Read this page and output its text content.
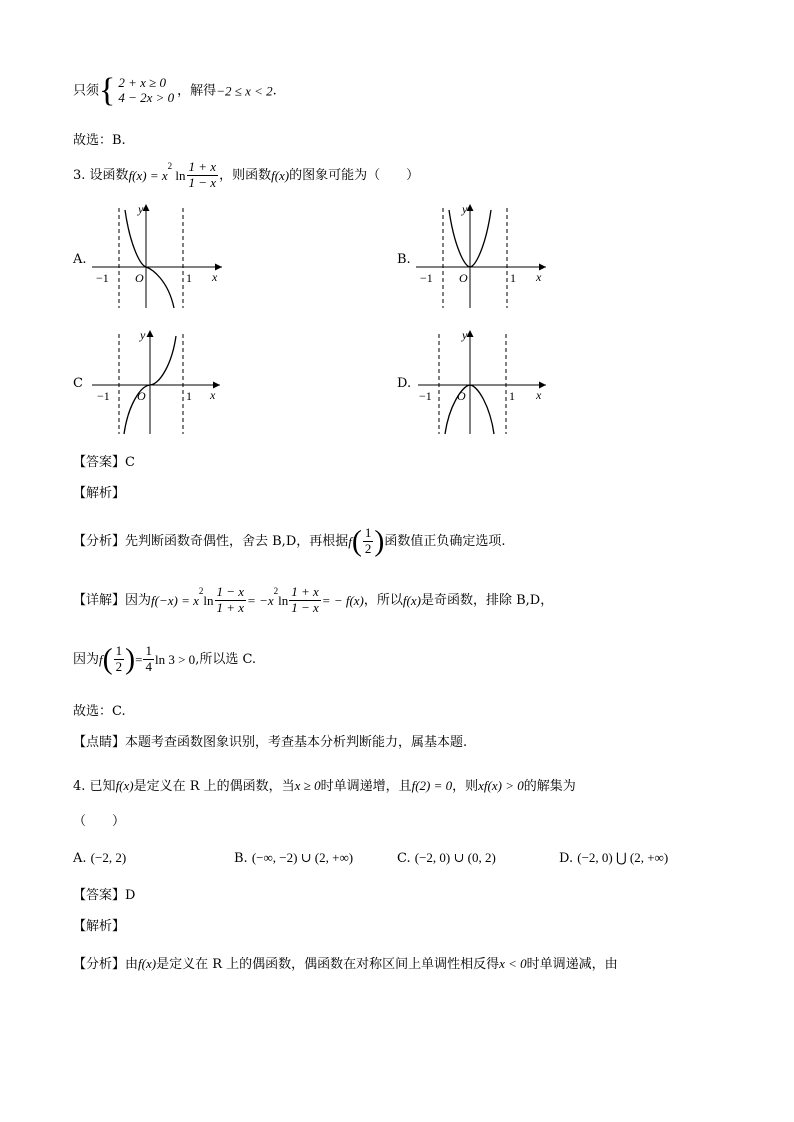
只须{ 2 + x ≥ 0
4 − 2x > 0 ，解得−2 ≤ x < 2.
故选：B.
3. 设函数$f(x) = x^2$ $\ln \frac{1 + x}{1 - x}$ ，则函数f(x)的图象可能为（　　）
A.
y
x
O
−1	1
B.
y
x
O
−1	1
C
y
x
O
−1	1
D.
y
x
O
−1	1
【答案】C
【解析】
【分析】先判断函数奇偶性，舍去 B,D，再根据$f( \frac{1}{2}$ )函数值正负确定选项.
【详解】因为$f(-x) = x^2\ln \frac{1 - x}{1 + x} = -x^2\ln \frac{1 + x}{1 - x}$ = − f(x)，所以f(x)是奇函数，排除 B,D，
因为$f( \frac{1}{2}$ )= $\frac{1}{4}$ ln 3 > 0,所以选 C.
故选：C.
【点睛】本题考查函数图象识别，考查基本分析判断能力，属基本题.
4. 已知f(x)是定义在 R 上的偶函数，当x ≥ 0时单调递增，且f(2) = 0，则xf(x) > 0的解集为
（　　）
A. (−2, 2)	B. (−∞, −2) ∪ (2, +∞)	C. (−2, 0) ∪ (0, 2)	D. (−2, 0) ⋃ (2, +∞)
【答案】D
【解析】
【分析】由f(x)是定义在 R 上的偶函数，偶函数在对称区间上单调性相反得x < 0时单调递减，由
